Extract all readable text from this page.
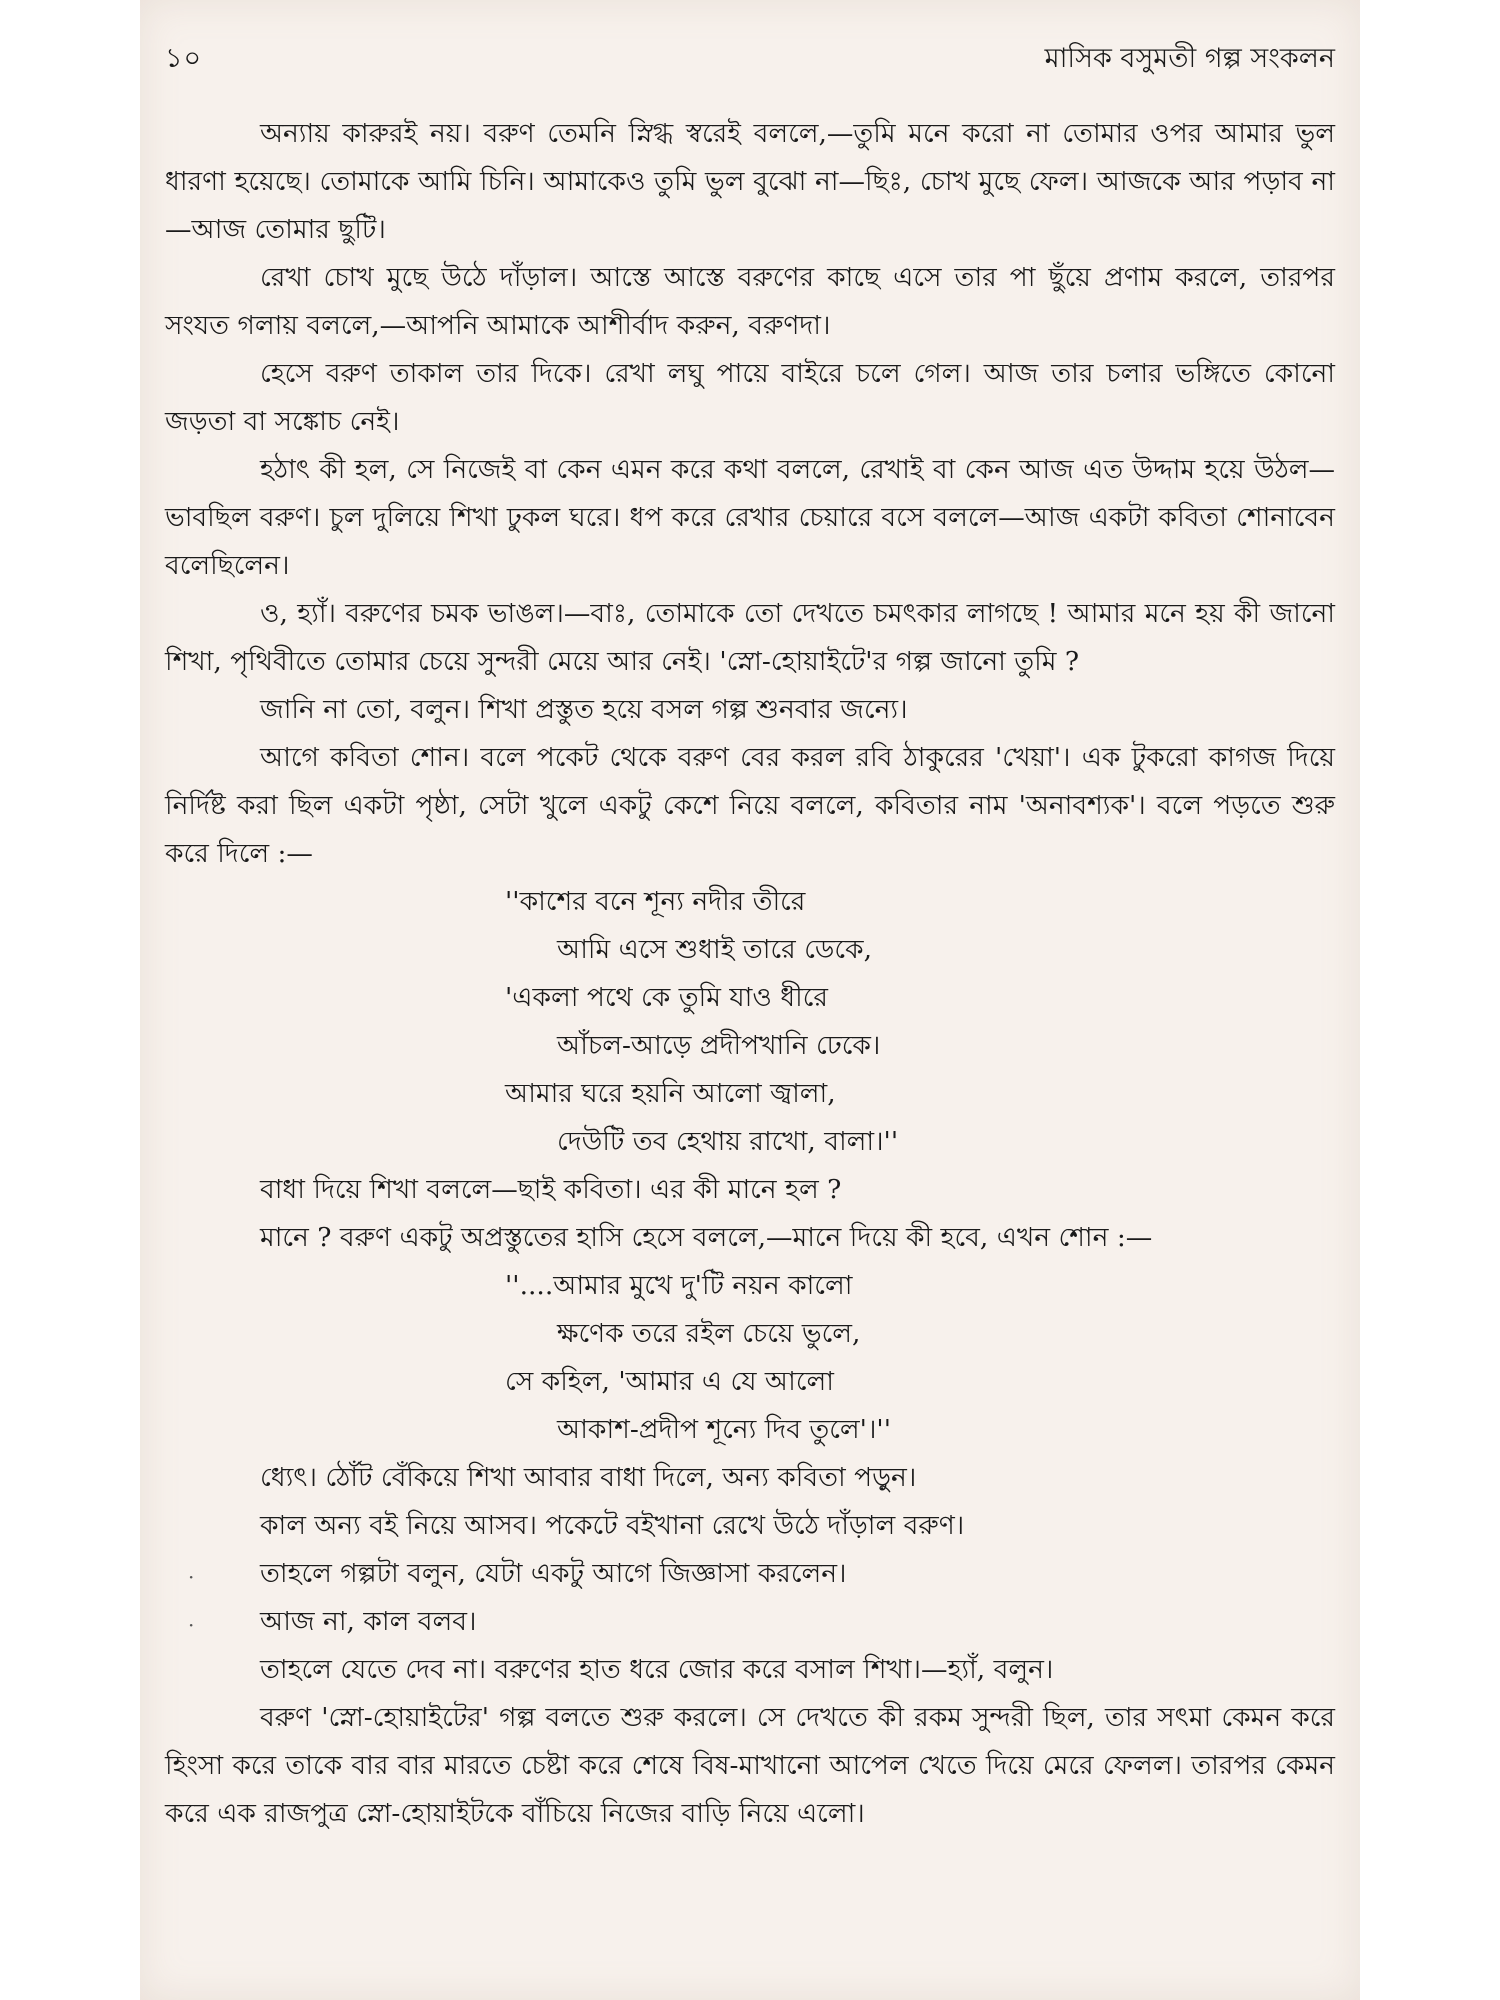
১০	মাসিক বসুমতী গল্প সংকলন
·
·

অন্যায় কারুরই নয়। বরুণ তেমনি স্নিগ্ধ স্বরেই বললে,—তুমি মনে করো না তোমার ওপর আমার ভুল ধারণা হয়েছে। তোমাকে আমি চিনি। আমাকেও তুমি ভুল বুঝো না—ছিঃ, চোখ মুছে ফেল। আজকে আর পড়াব না—আজ তোমার ছুটি।

রেখা চোখ মুছে উঠে দাঁড়াল। আস্তে আস্তে বরুণের কাছে এসে তার পা ছুঁয়ে প্রণাম করলে, তারপর সংযত গলায় বললে,—আপনি আমাকে আশীর্বাদ করুন, বরুণদা।

হেসে বরুণ তাকাল তার দিকে। রেখা লঘু পায়ে বাইরে চলে গেল। আজ তার চলার ভঙ্গিতে কোনো জড়তা বা সঙ্কোচ নেই।

হঠাৎ কী হল, সে নিজেই বা কেন এমন করে কথা বললে, রেখাই বা কেন আজ এত উদ্দাম হয়ে উঠল—ভাবছিল বরুণ। চুল দুলিয়ে শিখা ঢুকল ঘরে। ধপ করে রেখার চেয়ারে বসে বললে—আজ একটা কবিতা শোনাবেন বলেছিলেন।

ও, হ্যাঁ। বরুণের চমক ভাঙল।—বাঃ, তোমাকে তো দেখতে চমৎকার লাগছে ! আমার মনে হয় কী জানো শিখা, পৃথিবীতে তোমার চেয়ে সুন্দরী মেয়ে আর নেই। 'স্নো-হোয়াইটে'র গল্প জানো তুমি ?

জানি না তো, বলুন। শিখা প্রস্তুত হয়ে বসল গল্প শুনবার জন্যে।

আগে কবিতা শোন। বলে পকেট থেকে বরুণ বের করল রবি ঠাকুরের 'খেয়া'। এক টুকরো কাগজ দিয়ে নির্দিষ্ট করা ছিল একটা পৃষ্ঠা, সেটা খুলে একটু কেশে নিয়ে বললে, কবিতার নাম 'অনাবশ্যক'। বলে পড়তে শুরু করে দিলে :—

''কাশের বনে শূন্য নদীর তীরে
আমি এসে শুধাই তারে ডেকে,
'একলা পথে কে তুমি যাও ধীরে
আঁচল-আড়ে প্রদীপখানি ঢেকে।
আমার ঘরে হয়নি আলো জ্বালা,
দেউটি তব হেথায় রাখো, বালা।''

বাধা দিয়ে শিখা বললে—ছাই কবিতা। এর কী মানে হল ?

মানে ? বরুণ একটু অপ্রস্তুতের হাসি হেসে বললে,—মানে দিয়ে কী হবে, এখন শোন :—

''....আমার মুখে দু'টি নয়ন কালো
ক্ষণেক তরে রইল চেয়ে ভুলে,
সে কহিল, 'আমার এ যে আলো
আকাশ-প্রদীপ শূন্যে দিব তুলে'।''

ধ্যেৎ। ঠোঁট বেঁকিয়ে শিখা আবার বাধা দিলে, অন্য কবিতা পড়ুন।

কাল অন্য বই নিয়ে আসব। পকেটে বইখানা রেখে উঠে দাঁড়াল বরুণ।

তাহলে গল্পটা বলুন, যেটা একটু আগে জিজ্ঞাসা করলেন।

আজ না, কাল বলব।

তাহলে যেতে দেব না। বরুণের হাত ধরে জোর করে বসাল শিখা।—হ্যাঁ, বলুন।

বরুণ 'স্নো-হোয়াইটের' গল্প বলতে শুরু করলে। সে দেখতে কী রকম সুন্দরী ছিল, তার সৎমা কেমন করে হিংসা করে তাকে বার বার মারতে চেষ্টা করে শেষে বিষ-মাখানো আপেল খেতে দিয়ে মেরে ফেলল। তারপর কেমন করে এক রাজপুত্র স্নো-হোয়াইটকে বাঁচিয়ে নিজের বাড়ি নিয়ে এলো।
